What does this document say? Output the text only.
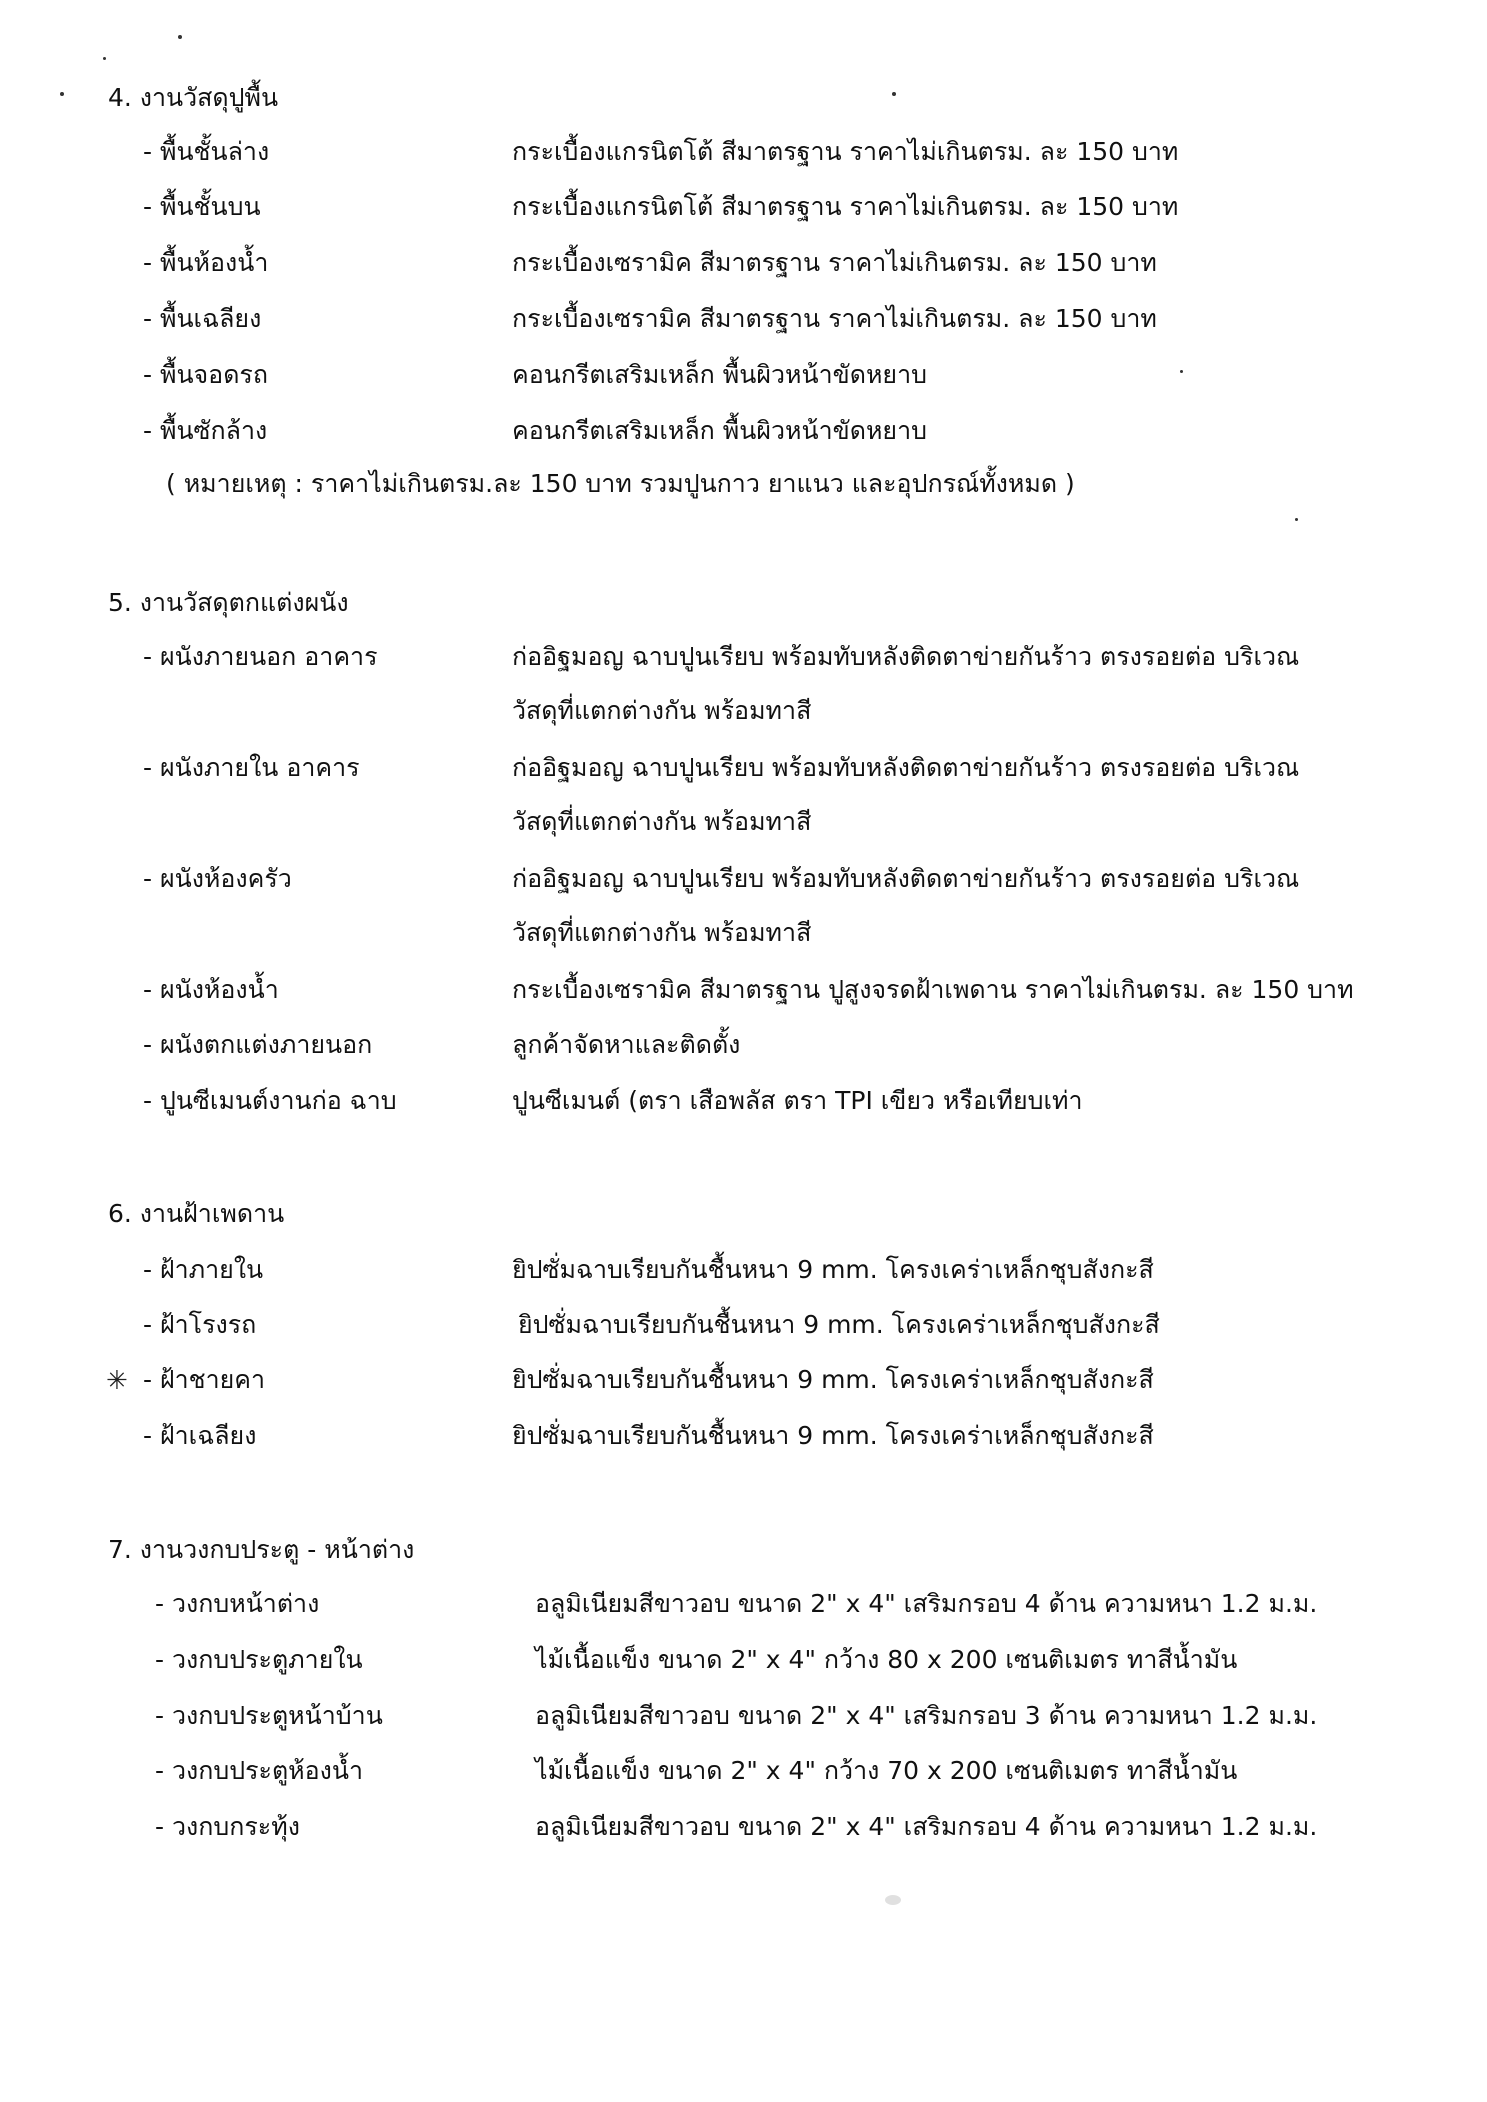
✳
4. งานวัสดุปูพื้น
- พื้นชั้นล่าง	กระเบื้องแกรนิตโต้ สีมาตรฐาน ราคาไม่เกินตรม. ละ 150 บาท
- พื้นชั้นบน	กระเบื้องแกรนิตโต้ สีมาตรฐาน ราคาไม่เกินตรม. ละ 150 บาท
- พื้นห้องน้ำ	กระเบื้องเซรามิค สีมาตรฐาน ราคาไม่เกินตรม. ละ 150 บาท
- พื้นเฉลียง	กระเบื้องเซรามิค สีมาตรฐาน ราคาไม่เกินตรม. ละ 150 บาท
- พื้นจอดรถ	คอนกรีตเสริมเหล็ก พื้นผิวหน้าขัดหยาบ
- พื้นซักล้าง	คอนกรีตเสริมเหล็ก พื้นผิวหน้าขัดหยาบ
( หมายเหตุ : ราคาไม่เกินตรม.ละ 150 บาท รวมปูนกาว ยาแนว และอุปกรณ์ทั้งหมด )
5. งานวัสดุตกแต่งผนัง
- ผนังภายนอก อาคาร	ก่ออิฐมอญ ฉาบปูนเรียบ พร้อมทับหลังติดตาข่ายกันร้าว ตรงรอยต่อ บริเวณ
วัสดุที่แตกต่างกัน พร้อมทาสี
- ผนังภายใน อาคาร	ก่ออิฐมอญ ฉาบปูนเรียบ พร้อมทับหลังติดตาข่ายกันร้าว ตรงรอยต่อ บริเวณ
วัสดุที่แตกต่างกัน พร้อมทาสี
- ผนังห้องครัว	ก่ออิฐมอญ ฉาบปูนเรียบ พร้อมทับหลังติดตาข่ายกันร้าว ตรงรอยต่อ บริเวณ
วัสดุที่แตกต่างกัน พร้อมทาสี
- ผนังห้องน้ำ	กระเบื้องเซรามิค สีมาตรฐาน ปูสูงจรดฝ้าเพดาน ราคาไม่เกินตรม. ละ 150 บาท
- ผนังตกแต่งภายนอก	ลูกค้าจัดหาและติดตั้ง
- ปูนซีเมนต์งานก่อ ฉาบ	ปูนซีเมนต์ (ตรา เสือพลัส ตรา TPI เขียว หรือเทียบเท่า
6. งานฝ้าเพดาน
- ฝ้าภายใน	ยิปซั่มฉาบเรียบกันชื้นหนา 9 mm. โครงเคร่าเหล็กชุบสังกะสี
- ฝ้าโรงรถ	ยิปซั่มฉาบเรียบกันชื้นหนา 9 mm. โครงเคร่าเหล็กชุบสังกะสี
- ฝ้าชายคา	ยิปซั่มฉาบเรียบกันชื้นหนา 9 mm. โครงเคร่าเหล็กชุบสังกะสี
- ฝ้าเฉลียง	ยิปซั่มฉาบเรียบกันชื้นหนา 9 mm. โครงเคร่าเหล็กชุบสังกะสี
7. งานวงกบประตู - หน้าต่าง
- วงกบหน้าต่าง	อลูมิเนียมสีขาวอบ ขนาด 2" x 4" เสริมกรอบ 4 ด้าน ความหนา 1.2 ม.ม.
- วงกบประตูภายใน	ไม้เนื้อแข็ง ขนาด 2" x 4" กว้าง 80 x 200 เซนติเมตร ทาสีน้ำมัน
- วงกบประตูหน้าบ้าน	อลูมิเนียมสีขาวอบ ขนาด 2" x 4" เสริมกรอบ 3 ด้าน ความหนา 1.2 ม.ม.
- วงกบประตูห้องน้ำ	ไม้เนื้อแข็ง ขนาด 2" x 4" กว้าง 70 x 200 เซนติเมตร ทาสีน้ำมัน
- วงกบกระทุ้ง	อลูมิเนียมสีขาวอบ ขนาด 2" x 4" เสริมกรอบ 4 ด้าน ความหนา 1.2 ม.ม.
